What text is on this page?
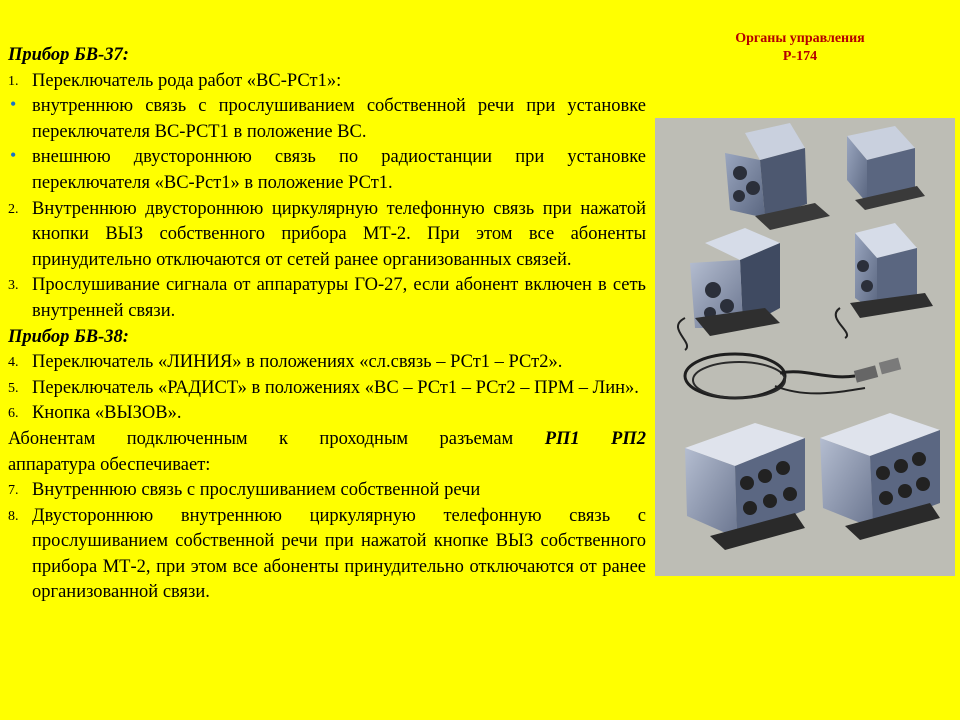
Органы управления
Р-174
Прибор БВ-37:
1. Переключатель рода работ «ВС-РСт1»:
• внутреннюю связь с прослушиванием собственной речи при установке переключателя ВС-РСТ1 в положение ВС.
• внешнюю двустороннюю связь по радиостанции при установке переключателя «ВС-Рст1» в положение РСт1.
2. Внутреннюю двустороннюю циркулярную телефонную связь при нажатой кнопки ВЫЗ собственного прибора МТ-2. При этом все абоненты принудительно отключаются от сетей ранее организованных связей.
3. Прослушивание сигнала от аппаратуры ГО-27, если абонент включен в сеть внутренней связи.
Прибор БВ-38:
4. Переключатель «ЛИНИЯ» в положениях «сл.связь – РСт1 – РСт2».
5. Переключатель «РАДИСТ» в положениях «ВС – РСт1 – РСт2 – ПРМ – Лин».
6. Кнопка «ВЫЗОВ».
Абонентам подключенным к проходным разъемам РП1 РП2
аппаратура обеспечивает:
7. Внутреннюю связь с прослушиванием собственной речи
8. Двустороннюю внутреннюю циркулярную телефонную связь с прослушиванием собственной речи при нажатой кнопке ВЫЗ собственного прибора МТ-2, при этом все абоненты принудительно отключаются от ранее организованной связи.
